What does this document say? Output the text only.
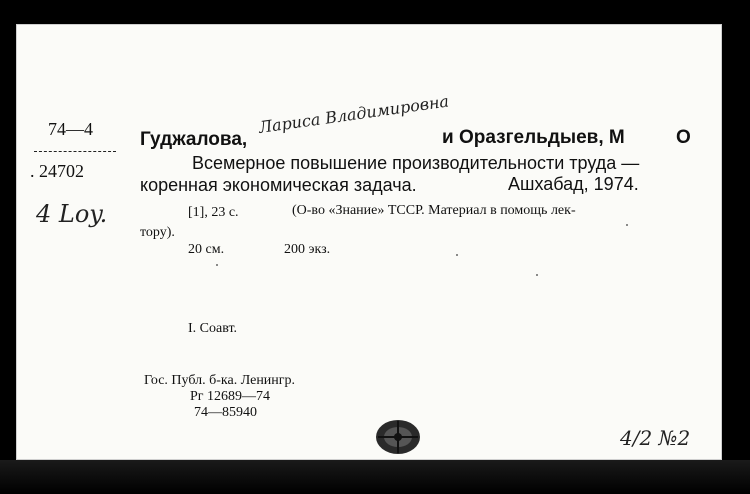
74—4
. 24702
4 Loy.
Гуджалова,
Лариса Владимировна
и Оразгельдыев, М	О
Всемерное повышение производительности труда —
коренная экономическая задача.	Ашхабад, 1974.
[1], 23 с.	(О-во «Знание» ТССР. Материал в помощь лек-
тору).
20 см.	200 экз.
I. Соавт.
Гос. Публ. б-ка. Ленингр.
Рг 12689—74
74—85940
4/2 №2
